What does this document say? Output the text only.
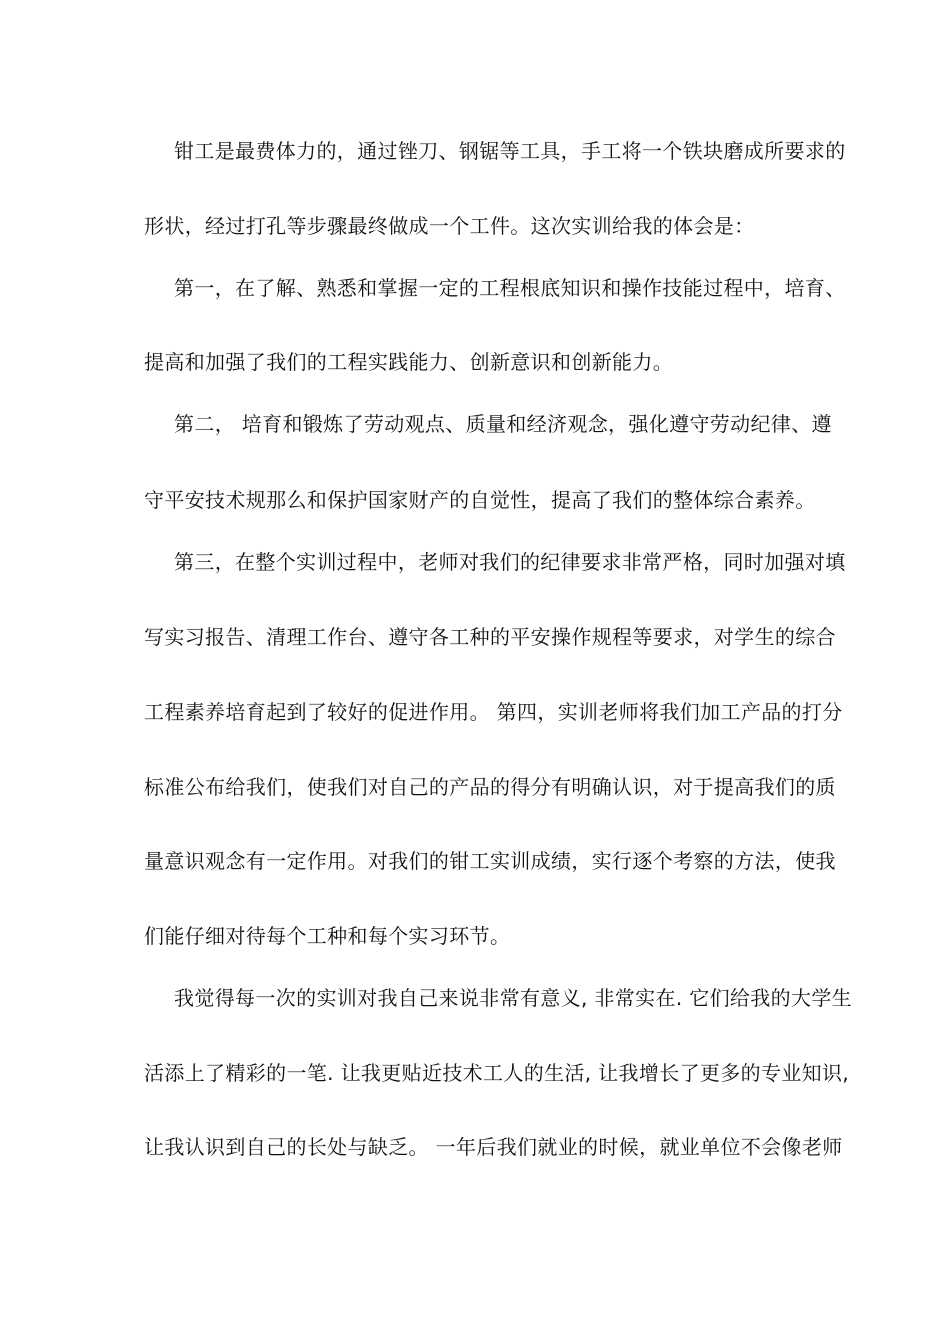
钳工是最费体力的，通过锉刀、钢锯等工具，手工将一个铁块磨成所要求的
形状，经过打孔等步骤最终做成一个工件。这次实训给我的体会是：
第一，在了解、熟悉和掌握一定的工程根底知识和操作技能过程中，培育、
提高和加强了我们的工程实践能力、创新意识和创新能力。
第二， 培育和锻炼了劳动观点、质量和经济观念，强化遵守劳动纪律、遵
守平安技术规那么和保护国家财产的自觉性，提高了我们的整体综合素养。
第三，在整个实训过程中，老师对我们的纪律要求非常严格，同时加强对填
写实习报告、清理工作台、遵守各工种的平安操作规程等要求，对学生的综合
工程素养培育起到了较好的促进作用。 第四，实训老师将我们加工产品的打分
标准公布给我们，使我们对自己的产品的得分有明确认识，对于提高我们的质
量意识观念有一定作用。对我们的钳工实训成绩，实行逐个考察的方法，使我
们能仔细对待每个工种和每个实习环节。
我觉得每一次的实训对我自己来说非常有意义, 非常实在. 它们给我的大学生
活添上了精彩的一笔. 让我更贴近技术工人的生活, 让我增长了更多的专业知识,
让我认识到自己的长处与缺乏。 一年后我们就业的时候，就业单位不会像老师
